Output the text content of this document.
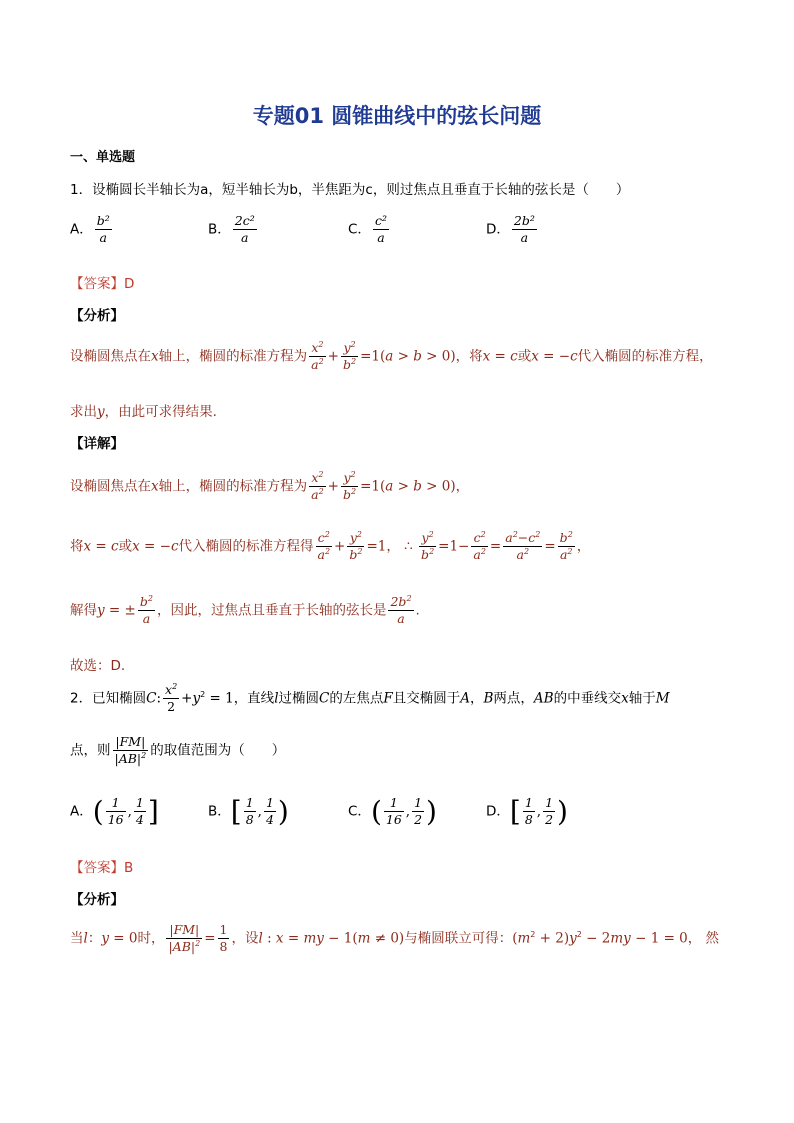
专题01 圆锥曲线中的弦长问题
一、单选题
1．设椭圆长半轴长为a，短半轴长为b，半焦距为c，则过焦点且垂直于长轴的弦长是（　　）
A． $\frac{\text{b²}}{a}$	B． $\frac{\text{2c²}}{a}$	C． $\frac{\text{c²}}{a}$	D． $\frac{\text{2b²}}{a}$
【答案】D
【分析】
设椭圆焦点在x轴上，椭圆的标准方程为 $\frac{x^2}{a^2} + \frac{y^2}{b^2} =1(a > b > 0)$，将x = c或x = −c代入椭圆的标准方程，
求出y，由此可求得结果.
【详解】
设椭圆焦点在x轴上，椭圆的标准方程为 $\frac{x^2}{a^2} + \frac{y^2}{b^2} =1(a > b > 0)$，
将x = c或x = −c代入椭圆的标准方程得 $\frac{c^2}{a^2} + \frac{y^2}{b^2} =1$， ∴ $\frac{y^2}{b^2} =1- \frac{c^2}{a^2} = \frac{a^2-c^2}{a^2} = \frac{b^2}{a^2}$ ，
解得y = ± $\frac{b^2}{a}$ ，因此，过焦点且垂直于长轴的弦长是 $\frac{2b^2}{a}$ .
故选：D.
2．已知椭圆C: $\frac{x^2}{2} +y^2 = 1$，直线l过椭圆C的左焦点F且交椭圆于A，B两点，AB的中垂线交x轴于M
点，则 $\frac{|FM|}{|AB|^2}$ 的取值范围为（　　）
A．( $\frac{1}{16}$ , $\frac{1}{4}$ ]	B．[ $\frac{1}{8}$ , $\frac{1}{4}$ )	C．( $\frac{1}{16}$ , $\frac{1}{2}$ )	D．[ $\frac{1}{8}$ , $\frac{1}{2}$ )
【答案】B
【分析】
当l：y = 0时， $\frac{|FM|}{|AB|^2} = \frac{1}{8}$ ，设l : x = my − 1(m ≠ 0)与椭圆联立可得：$(m^2 + 2)y^2 - 2my - 1 = 0$， 然
